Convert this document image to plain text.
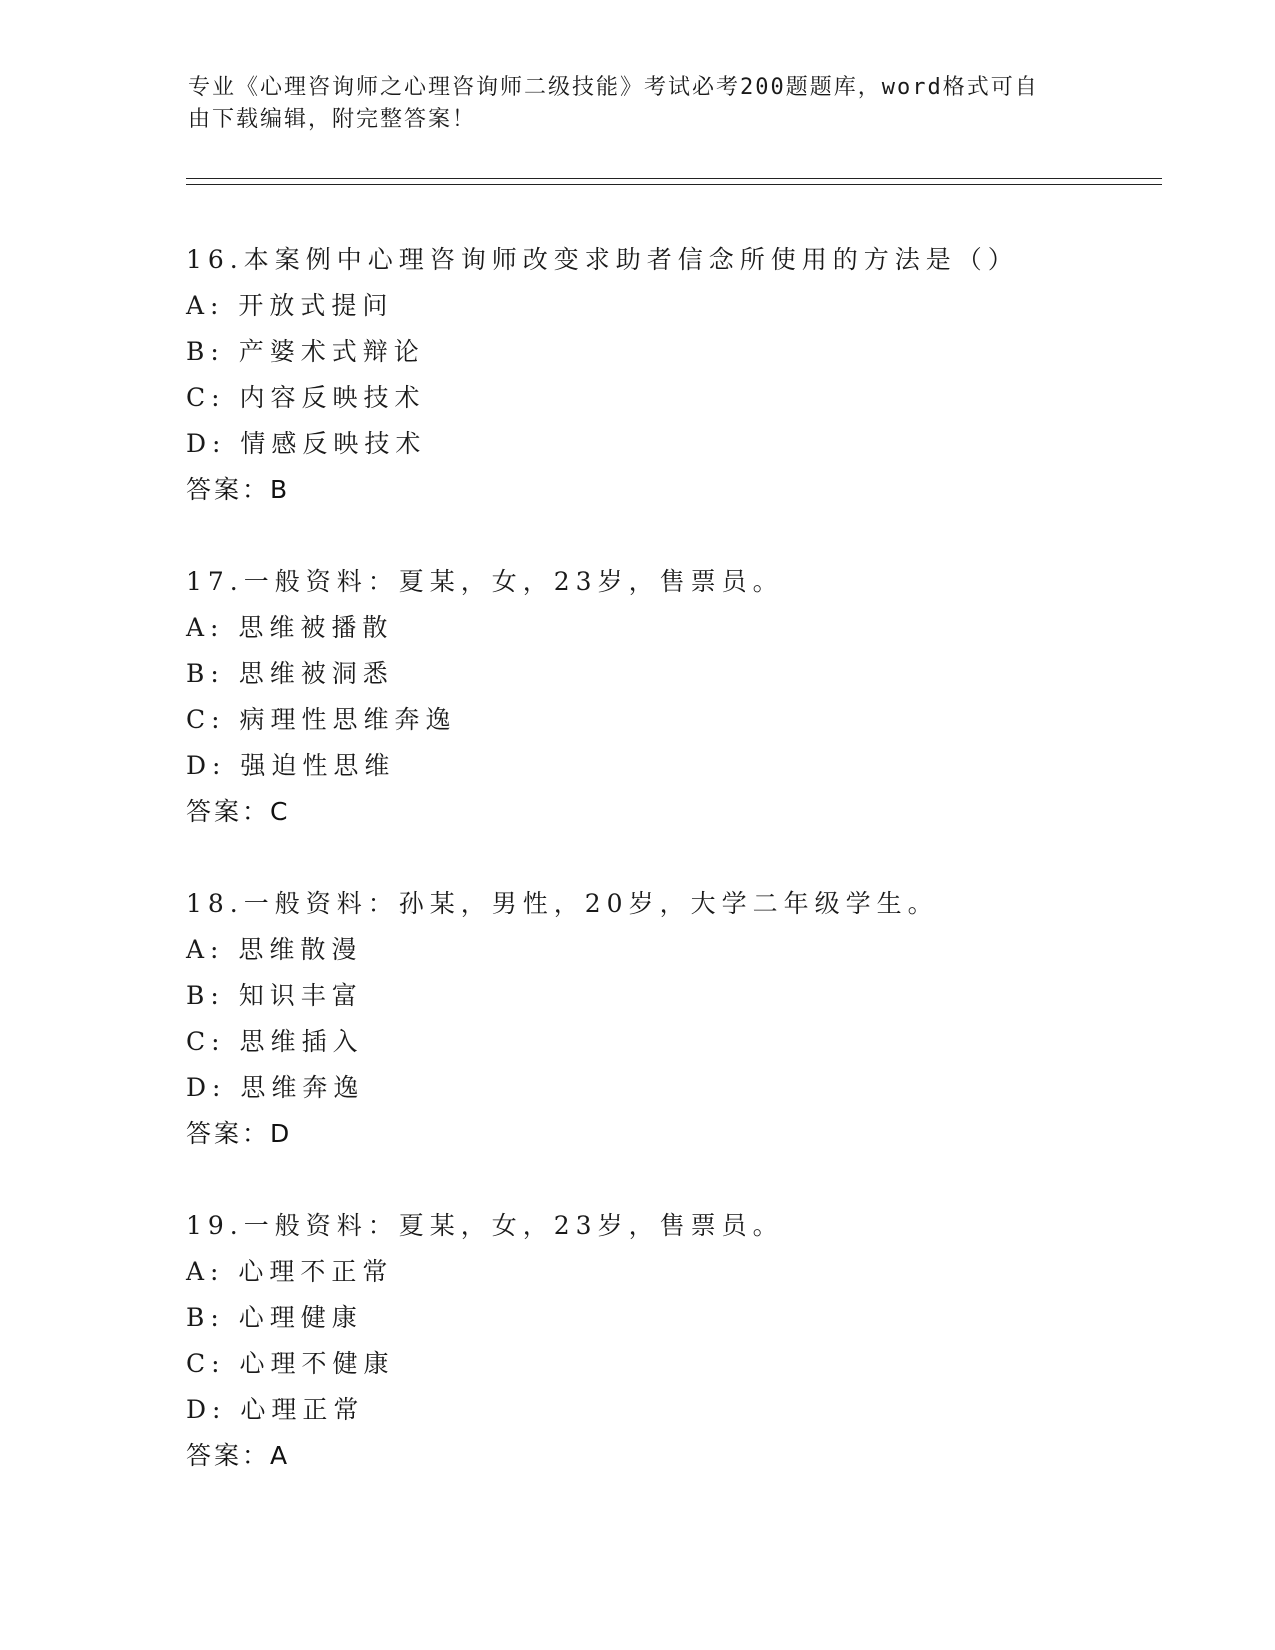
专业《心理咨询师之心理咨询师二级技能》考试必考200题题库，word格式可自
由下载编辑，附完整答案！
16.本案例中心理咨询师改变求助者信念所使用的方法是（）
A: 开放式提问
B: 产婆术式辩论
C: 内容反映技术
D: 情感反映技术
答案：B
17.一般资料：夏某，女，23岁，售票员。
A: 思维被播散
B: 思维被洞悉
C: 病理性思维奔逸
D: 强迫性思维
答案：C
18.一般资料：孙某，男性，20岁，大学二年级学生。
A: 思维散漫
B: 知识丰富
C: 思维插入
D: 思维奔逸
答案：D
19.一般资料：夏某，女，23岁，售票员。
A: 心理不正常
B: 心理健康
C: 心理不健康
D: 心理正常
答案：A
